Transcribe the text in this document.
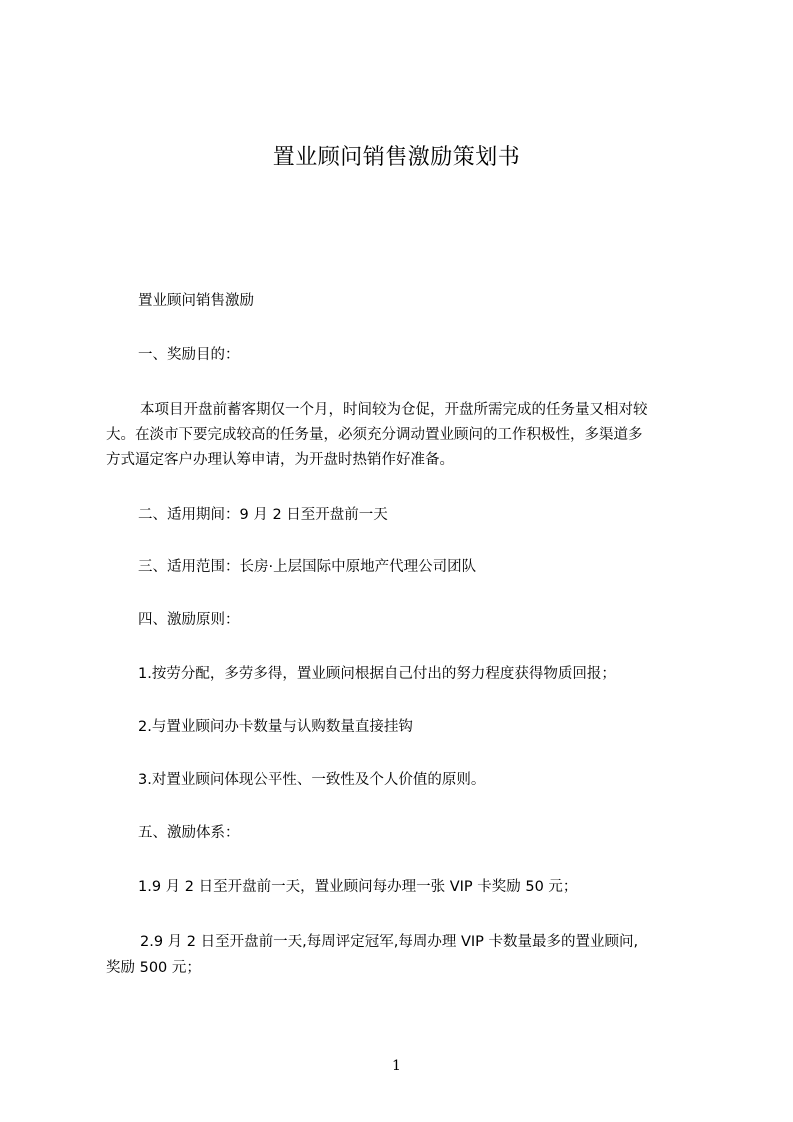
置业顾问销售激励策划书
置业顾问销售激励
一、奖励目的：
本项目开盘前蓄客期仅一个月，时间较为仓促，开盘所需完成的任务量又相对较
大。在淡市下要完成较高的任务量，必须充分调动置业顾问的工作积极性，多渠道多
方式逼定客户办理认筹申请，为开盘时热销作好准备。
二、适用期间：9 月 2 日至开盘前一天
三、适用范围：长房·上层国际中原地产代理公司团队
四、激励原则：
1.按劳分配，多劳多得，置业顾问根据自己付出的努力程度获得物质回报；
2.与置业顾问办卡数量与认购数量直接挂钩
3.对置业顾问体现公平性、一致性及个人价值的原则。
五、激励体系：
1.9 月 2 日至开盘前一天，置业顾问每办理一张 VIP 卡奖励 50 元；
2.9 月 2 日至开盘前一天,每周评定冠军,每周办理 VIP 卡数量最多的置业顾问,
奖励 500 元；
1
